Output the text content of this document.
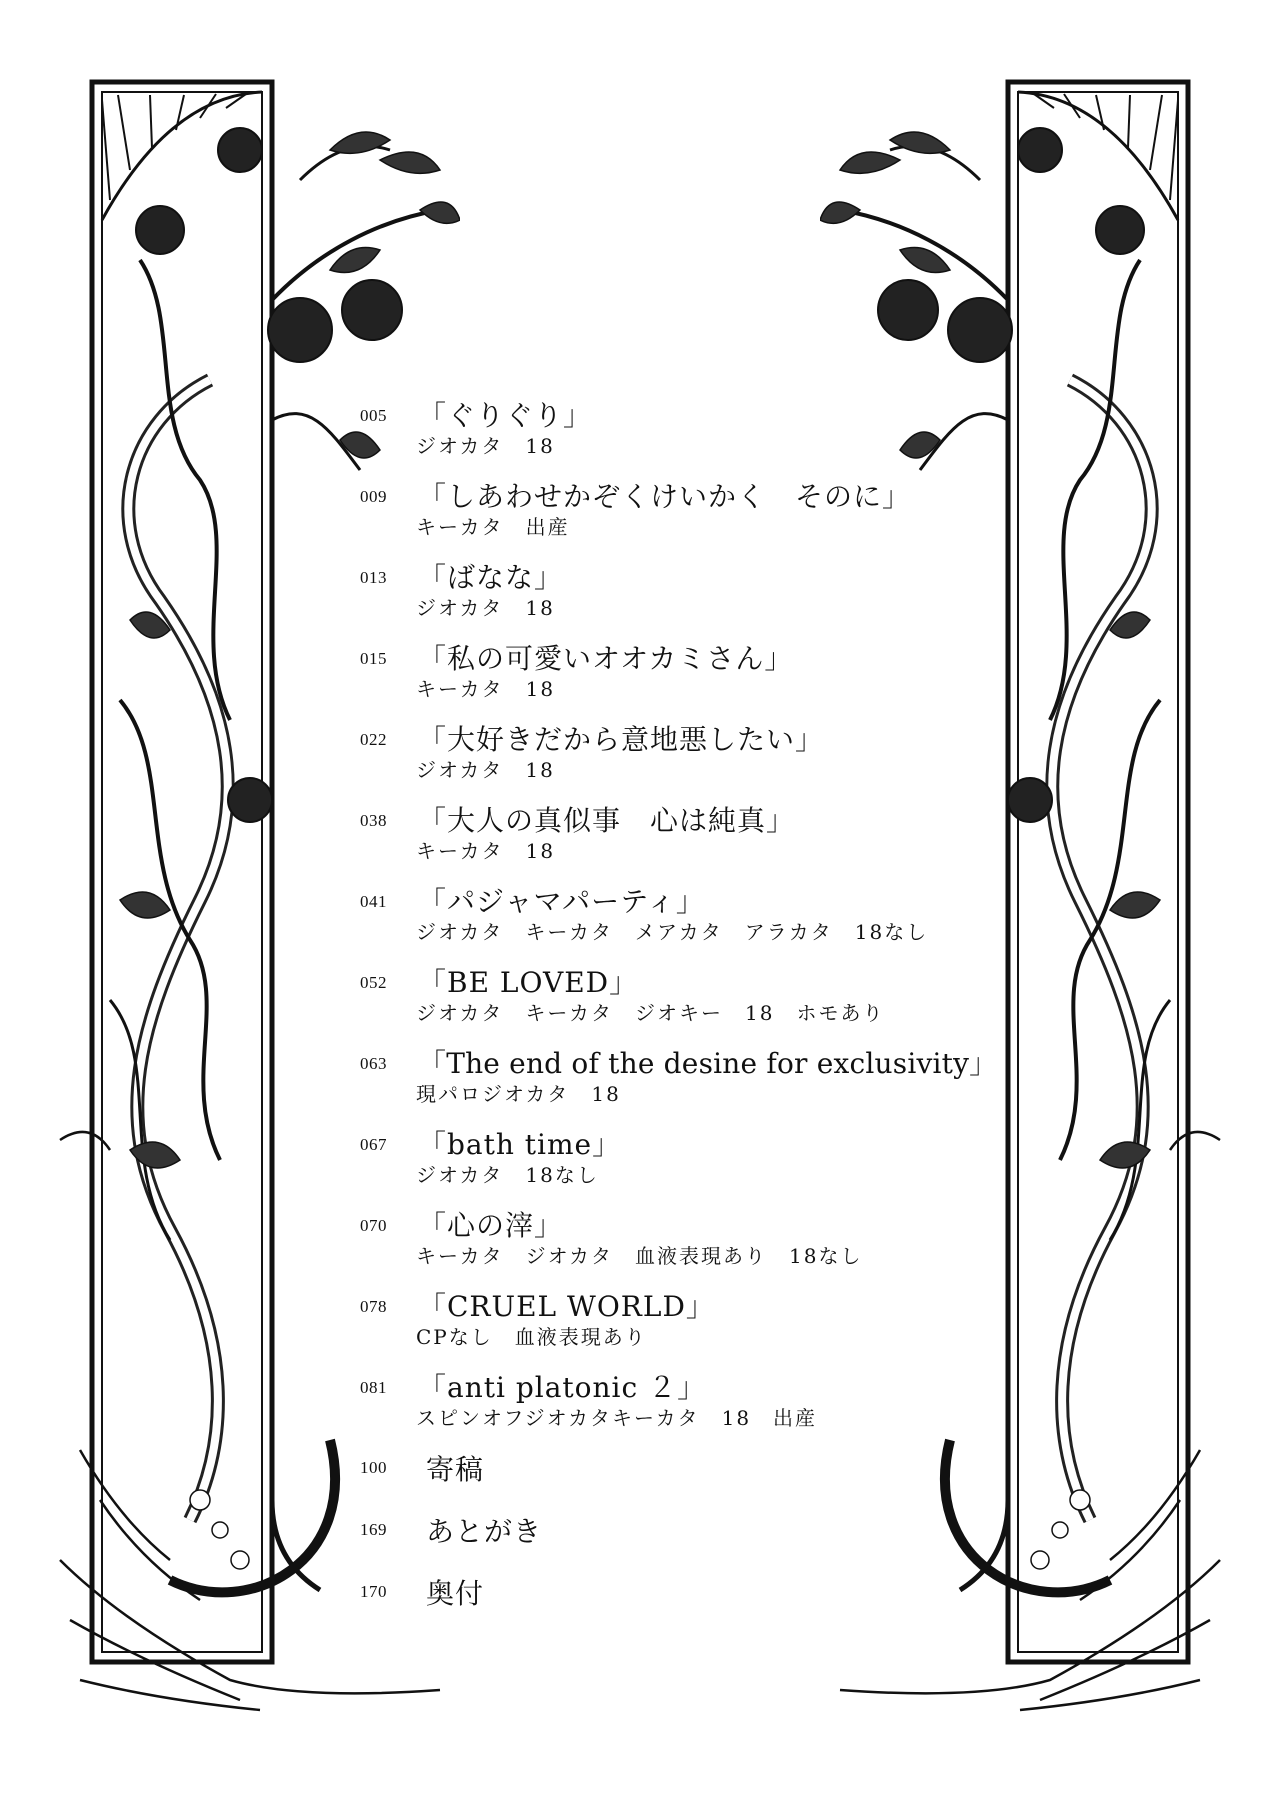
005	「ぐりぐり」
ジオカタ　18
009	「しあわせかぞくけいかく　そのに」
キーカタ　出産
013	「ばなな」
ジオカタ　18
015	「私の可愛いオオカミさん」
キーカタ　18
022	「大好きだから意地悪したい」
ジオカタ　18
038	「大人の真似事　心は純真」
キーカタ　18
041	「パジャマパーティ」
ジオカタ　キーカタ　メアカタ　アラカタ　18なし
052	「BE LOVED」
ジオカタ　キーカタ　ジオキー　18　ホモあり
063	「The end of the desine for exclusivity」
現パロジオカタ　18
067	「bath time」
ジオカタ　18なし
070	「心の滓」
キーカタ　ジオカタ　血液表現あり　18なし
078	「CRUEL WORLD」
CPなし　血液表現あり
081	「anti platonic ２」
スピンオフジオカタキーカタ　18　出産
100	寄稿
169	あとがき
170	奥付
